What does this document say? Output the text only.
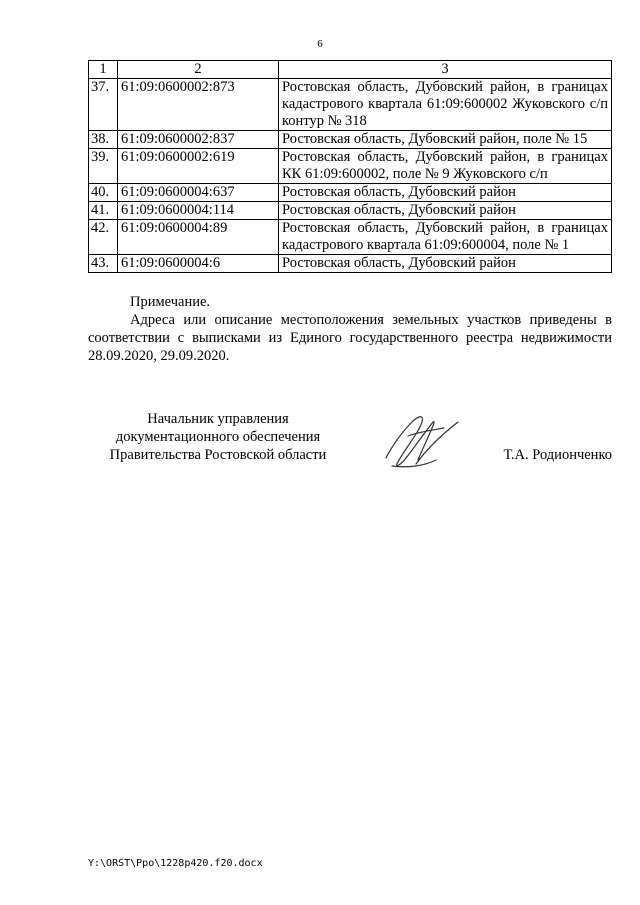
6
1	2	3
37.	61:09:0600002:873	Ростовская область, Дубовский район, в границах кадастрового квартала 61:09:600002 Жуковского с/п контур № 318
38.	61:09:0600002:837	Ростовская область, Дубовский район, поле № 15
39.	61:09:0600002:619	Ростовская область, Дубовский район, в границах КК 61:09:600002, поле № 9 Жуковского с/п
40.	61:09:0600004:637	Ростовская область, Дубовский район
41.	61:09:0600004:114	Ростовская область, Дубовский район
42.	61:09:0600004:89	Ростовская область, Дубовский район, в границах кадастрового квартала 61:09:600004, поле № 1
43.	61:09:0600004:6	Ростовская область, Дубовский район
Примечание.
Адреса или описание местоположения земельных участков приведены в соответствии с выписками из Единого государственного реестра недвижимости 28.09.2020, 29.09.2020.
Начальник управления
документационного обеспечения
Правительства Ростовской области	Т.А. Родионченко
Y:\ORST\Ppo\1228p420.f20.docx
